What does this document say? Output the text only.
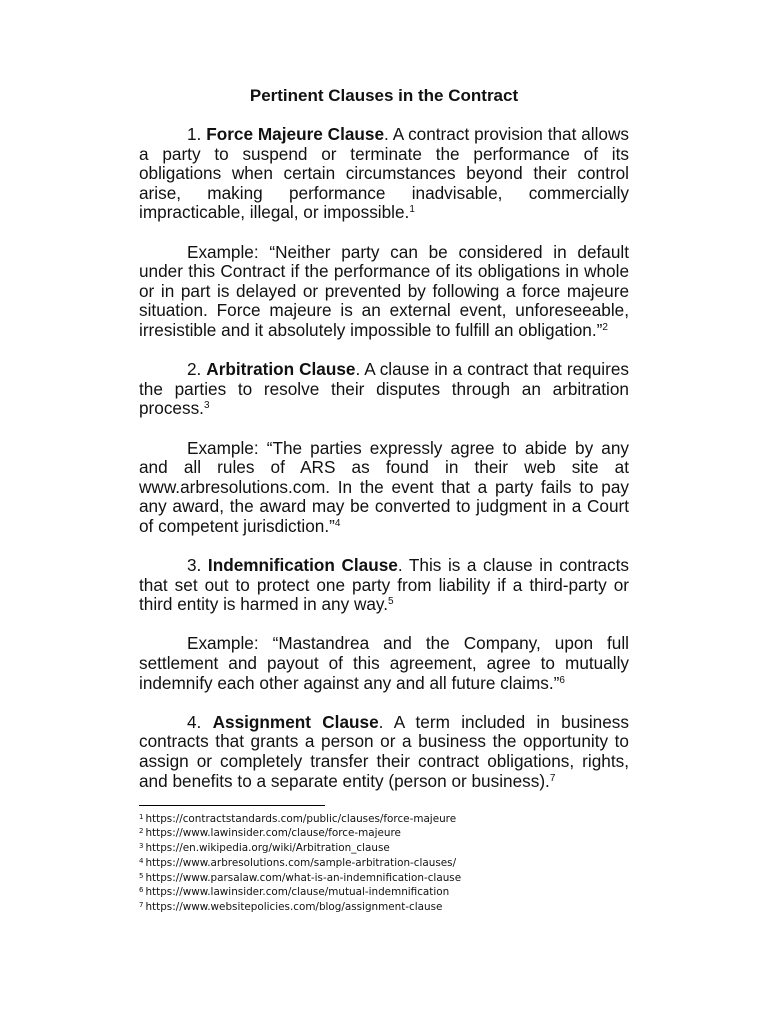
Pertinent Clauses in the Contract

1. Force Majeure Clause. A contract provision that allows a party to suspend or terminate the performance of its obligations when certain circumstances beyond their control arise, making performance inadvisable, commercially impracticable, illegal, or impossible.$^1$

Example: “Neither party can be considered in default under this Contract if the performance of its obligations in whole or in part is delayed or prevented by following a force majeure situation. Force majeure is an external event, unforeseeable, irresistible and it absolutely impossible to fulfill an obligation.”$^2$

2. Arbitration Clause. A clause in a contract that requires the parties to resolve their disputes through an arbitration process.$^3$

Example: “The parties expressly agree to abide by any and all rules of ARS as found in their web site at www.arbresolutions.com. In the event that a party fails to pay any award, the award may be converted to judgment in a Court of competent jurisdiction.”$^4$

3. Indemnification Clause. This is a clause in contracts that set out to protect one party from liability if a third-party or third entity is harmed in any way.$^5$

Example: “Mastandrea and the Company, upon full settlement and payout of this agreement, agree to mutually indemnify each other against any and all future claims.”$^6$

4. Assignment Clause. A term included in business contracts that grants a person or a business the opportunity to assign or completely transfer their contract obligations, rights, and benefits to a separate entity (person or business).$^7$

$^1$ https://contractstandards.com/public/clauses/force-majeure
$^2$ https://www.lawinsider.com/clause/force-majeure
$^3$ https://en.wikipedia.org/wiki/Arbitration_clause
$^4$ https://www.arbresolutions.com/sample-arbitration-clauses/
$^5$ https://www.parsalaw.com/what-is-an-indemnification-clause
$^6$ https://www.lawinsider.com/clause/mutual-indemnification
$^7$ https://www.websitepolicies.com/blog/assignment-clause
